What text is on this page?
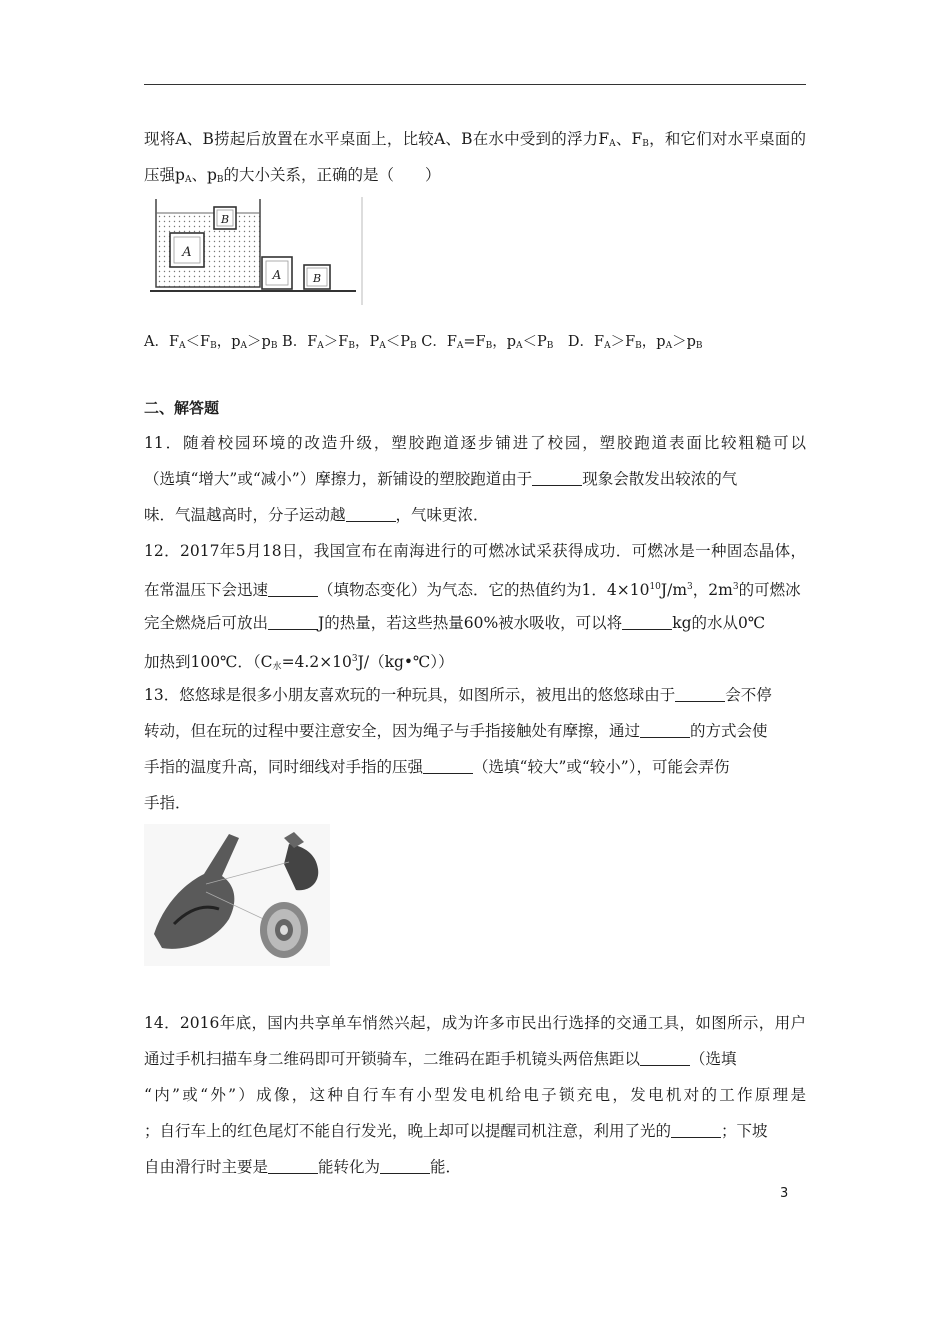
现将A、B捞起后放置在水平桌面上，比较A、B在水中受到的浮力$F_A$、$F_B$，和它们对水平桌面的
压强$p_A$、$p_B$的大小关系，正确的是（　　）
A
B
A	B
A．$F_A<F_B$，$p_A>p_B$ B．$F_A>F_B$，$P_A<P_B$ C．$F_A=F_B$，$p_A<P_B$　D．$F_A>F_B$，$p_A>p_B$
二、解答题
11．随着校园环境的改造升级，塑胶跑道逐步铺进了校园，塑胶跑道表面比较粗糙可以
（选填“增大”或“减小”）摩擦力，新铺设的塑胶跑道由于	现象会散发出较浓的气
味．气温越高时，分子运动越	，气味更浓．
12．2017年5月18日，我国宣布在南海进行的可燃冰试采获得成功．可燃冰是一种固态晶体，
在常温压下会迅速	（填物态变化）为气态．它的热值约为1．$4\times 10^{10}J/m^3$，$2m^3$的可燃冰
完全燃烧后可放出	J的热量，若这些热量60%被水吸收，可以将	kg的水从0℃
加热到100℃．$(C_水=4.2\times 10^3J/(kg•℃))$
13．悠悠球是很多小朋友喜欢玩的一种玩具，如图所示，被甩出的悠悠球由于	会不停
转动，但在玩的过程中要注意安全，因为绳子与手指接触处有摩擦，通过	的方式会使
手指的温度升高，同时细线对手指的压强	（选填“较大”或“较小”），可能会弄伤
手指．
14．2016年底，国内共享单车悄然兴起，成为许多市民出行选择的交通工具，如图所示，用户
通过手机扫描车身二维码即可开锁骑车，二维码在距手机镜头两倍焦距以	（选填
“内”或“外”）成像，这种自行车有小型发电机给电子锁充电，发电机对的工作原理是
；自行车上的红色尾灯不能自行发光，晚上却可以提醒司机注意，利用了光的	；下坡
自由滑行时主要是	能转化为	能．
3
